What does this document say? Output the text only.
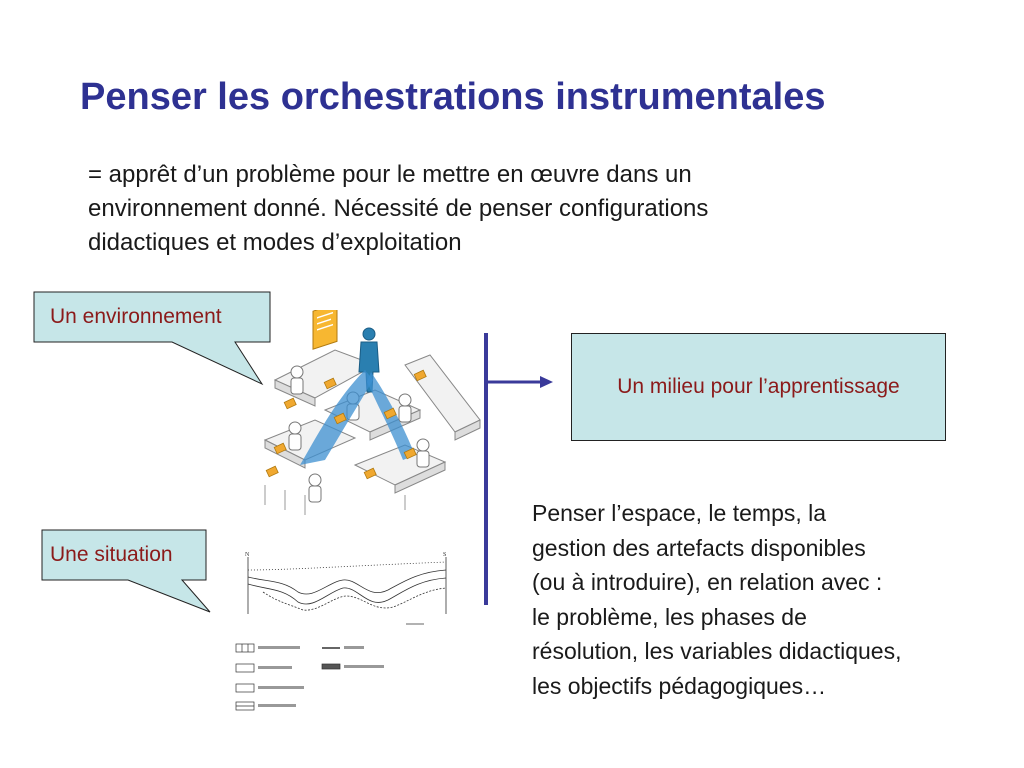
Penser les orchestrations instrumentales
= apprêt d’un problème pour le mettre en œuvre dans un
environnement donné. Nécessité de penser configurations
didactiques et modes d’exploitation
N	S
Un environnement
Une situation
Un milieu pour l’apprentissage
Penser l’espace, le temps, la
gestion des artefacts disponibles
(ou à introduire), en relation avec :
le problème, les phases de
résolution, les variables didactiques,
les objectifs pédagogiques…
